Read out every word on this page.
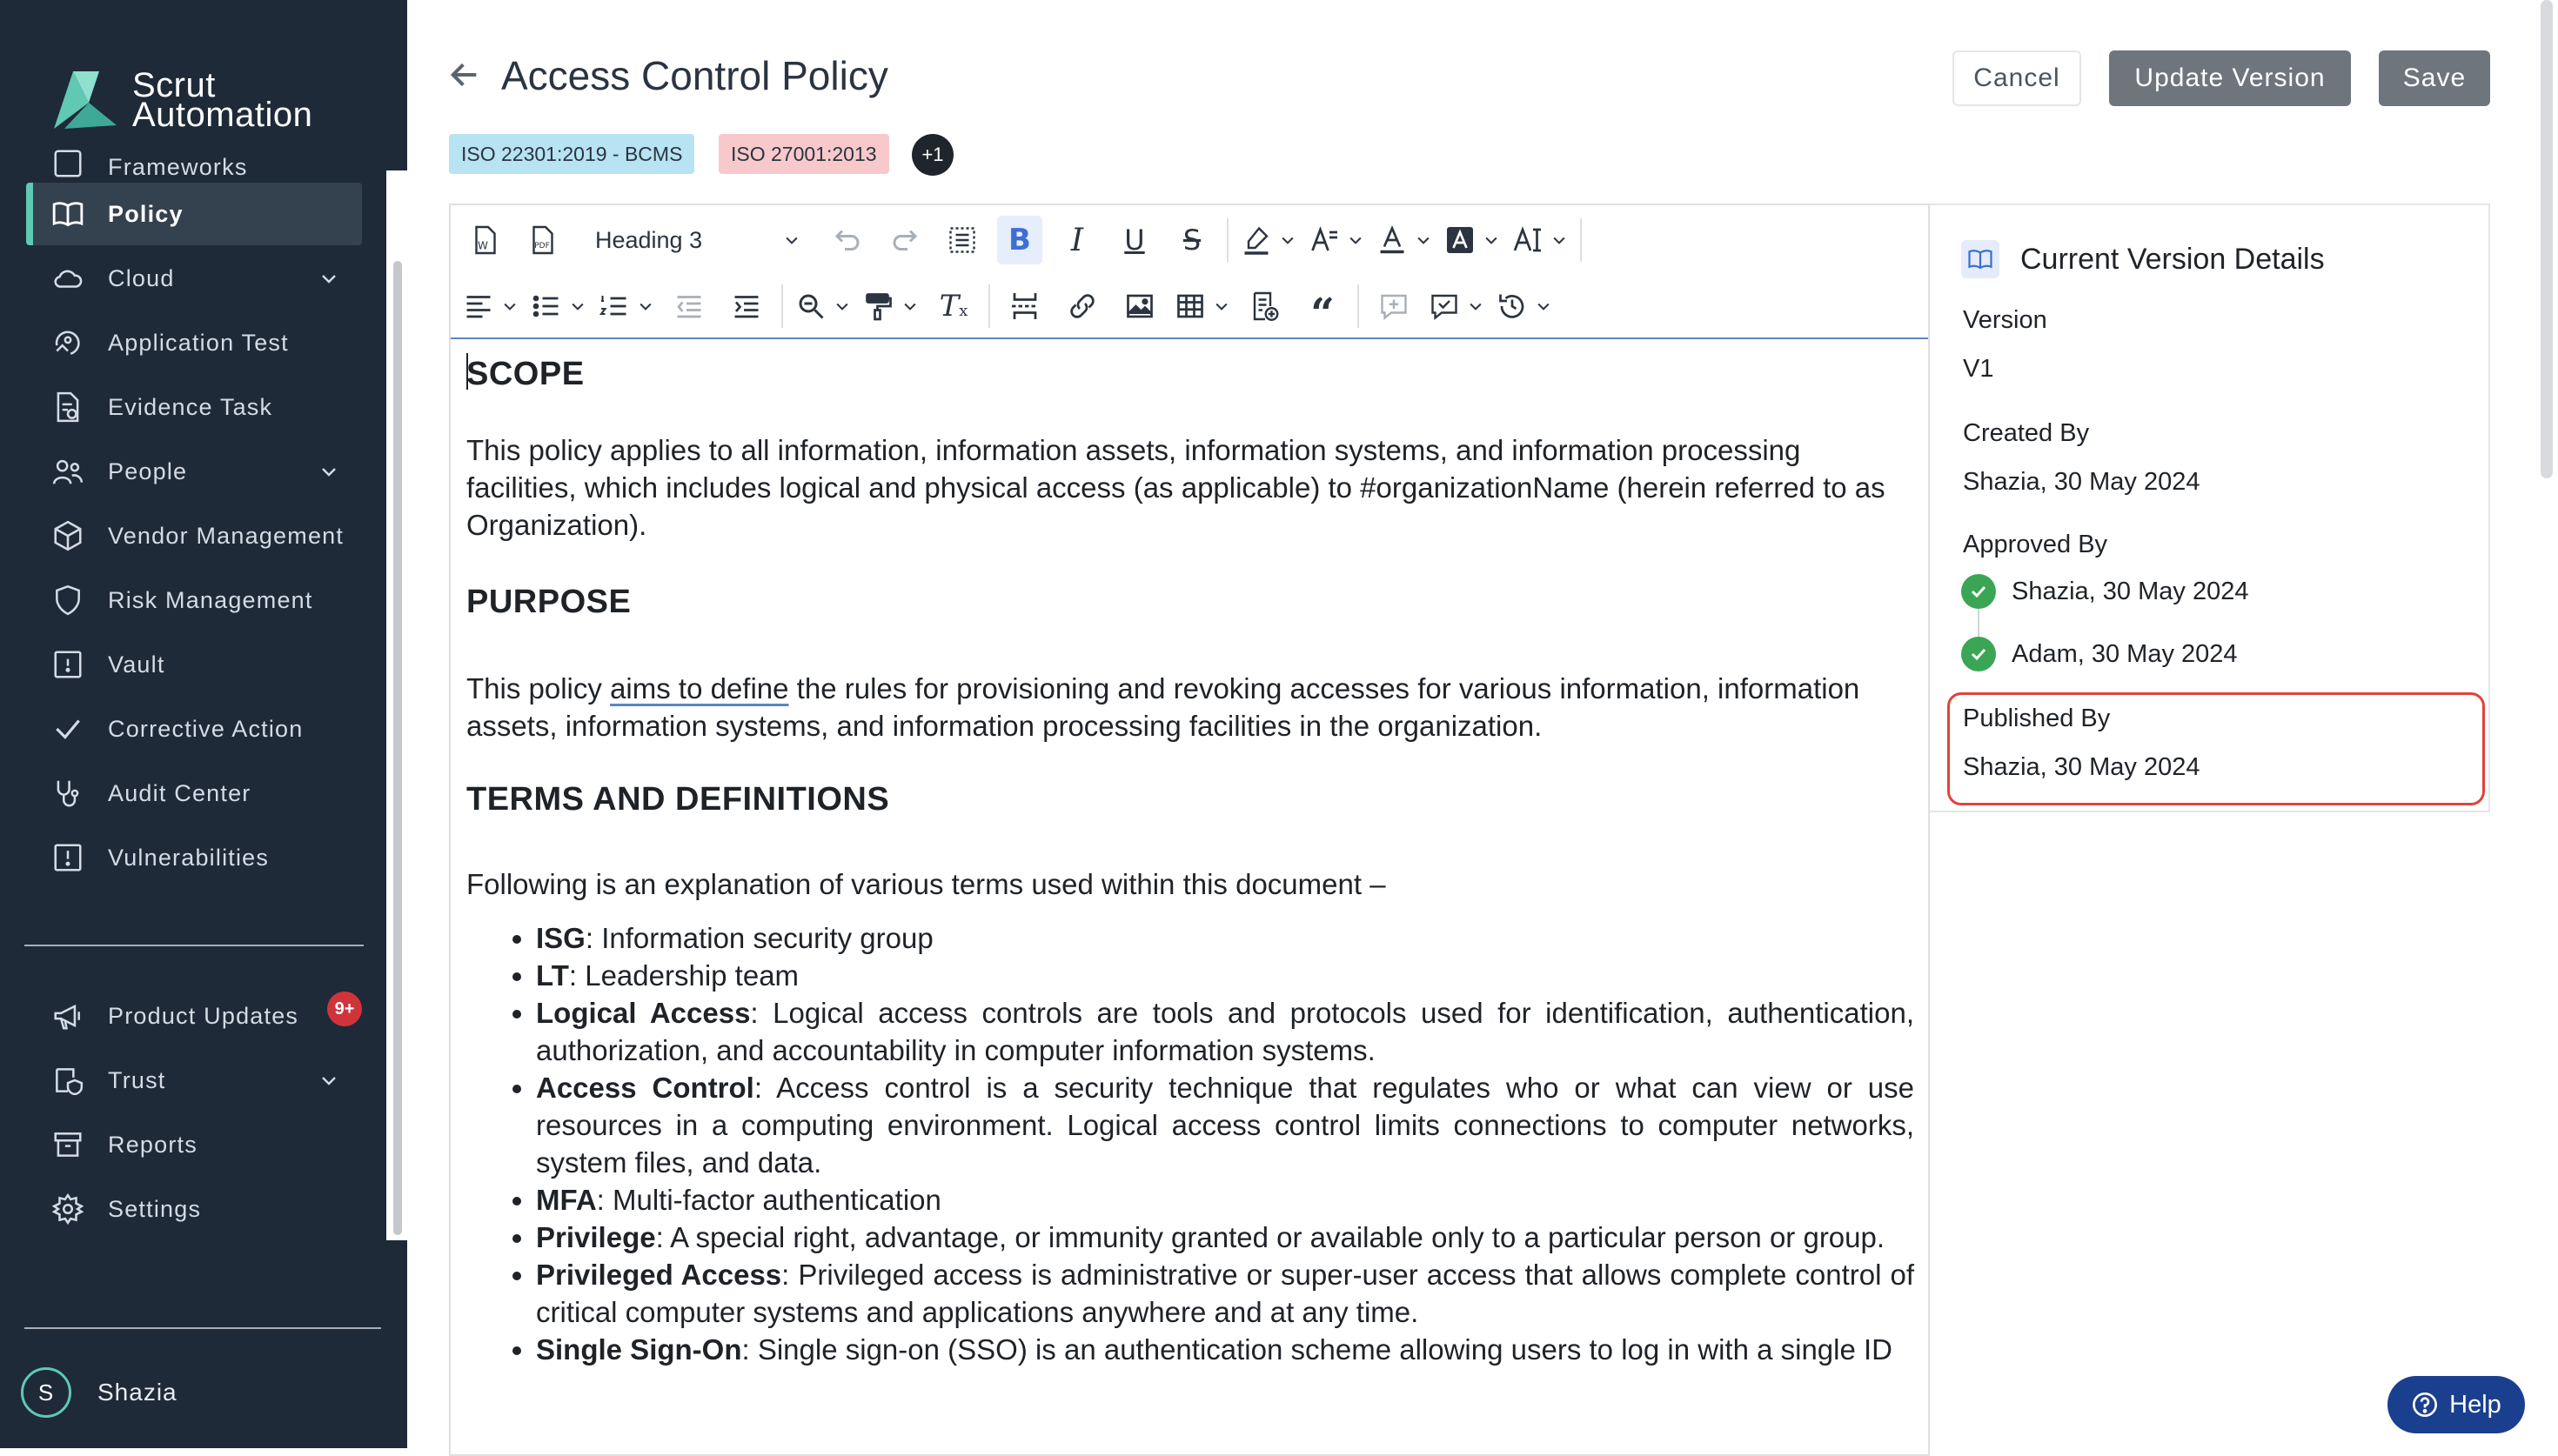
Scrut
Automation
Frameworks
Policy
Cloud
Application Test
Evidence Task
People
Vendor Management
Risk Management
Vault
Corrective Action
Audit Center
Vulnerabilities
Product Updates
Trust
Reports
Settings
9+
S	Shazia
Access Control Policy	Cancel	Update Version	Save
ISO 22301:2019 - BCMS	ISO 27001:2013	+1
W	PDF Heading 3	B I U S
Tx	“
SCOPE

This policy applies to all information, information assets, information systems, and information processing facilities, which includes logical and physical access (as applicable) to #organizationName (herein referred to as Organization).

PURPOSE

This policy aims to define the rules for provisioning and revoking accesses for various information, information assets, information systems, and information processing facilities in the organization.

TERMS AND DEFINITIONS

Following is an explanation of various terms used within this document –

• ISG: Information security group
• LT: Leadership team
• Logical Access: Logical access controls are tools and protocols used for identification, authentication, authorization, and accountability in computer information systems.
• Access Control: Access control is a security technique that regulates who or what can view or use resources in a computing environment. Logical access control limits connections to computer networks, system files, and data.
• MFA: Multi-factor authentication
• Privilege: A special right, advantage, or immunity granted or available only to a particular person or group.
• Privileged Access: Privileged access is administrative or super-user access that allows complete control of critical computer systems and applications anywhere and at any time.
• Single Sign-On: Single sign-on (SSO) is an authentication scheme allowing users to log in with a single ID
Current Version Details
Version
V1
Created By
Shazia, 30 May 2024
Approved By
Shazia, 30 May 2024
Adam, 30 May 2024
Published By
Shazia, 30 May 2024
Help
